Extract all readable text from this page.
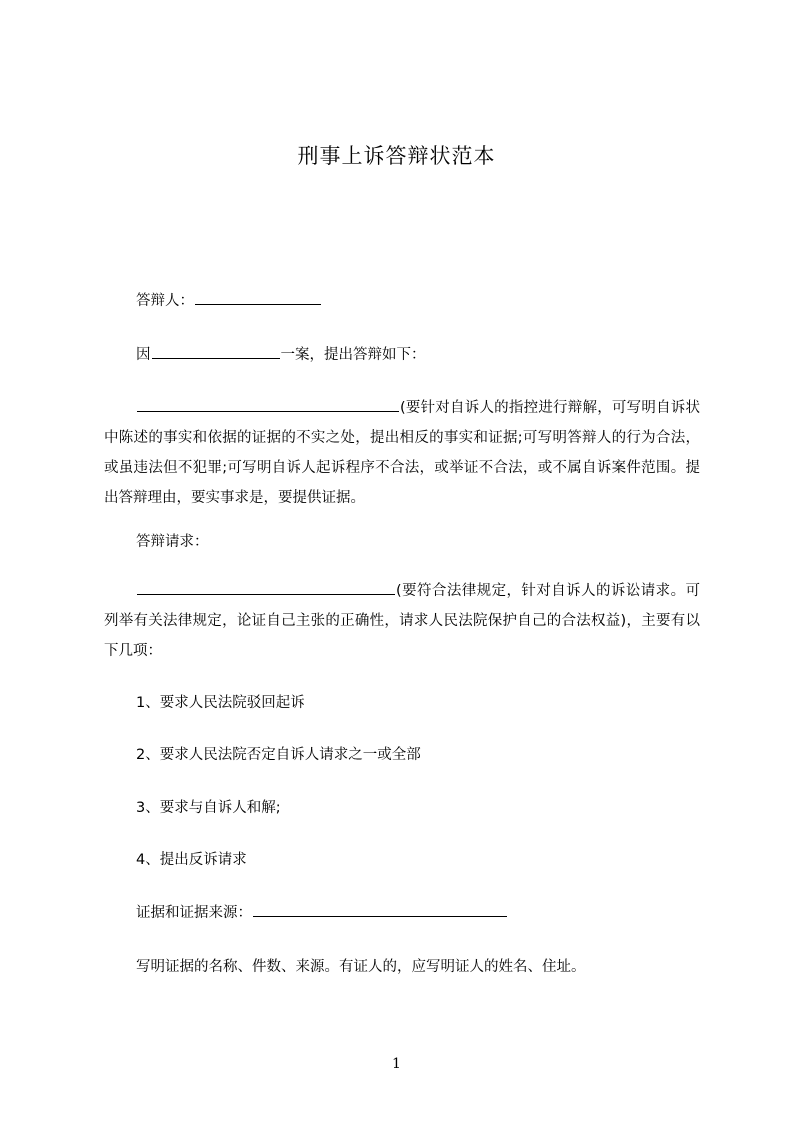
刑事上诉答辩状范本

答辩人：

因	一案，提出答辩如下：

(要针对自诉人的指控进行辩解，可写明自诉状中陈述的事实和依据的证据的不实之处，提出相反的事实和证据;可写明答辩人的行为合法，或虽违法但不犯罪;可写明自诉人起诉程序不合法，或举证不合法，或不属自诉案件范围。提出答辩理由，要实事求是，要提供证据。

答辩请求：

(要符合法律规定，针对自诉人的诉讼请求。可列举有关法律规定，论证自己主张的正确性，请求人民法院保护自己的合法权益)，主要有以下几项：

1、要求人民法院驳回起诉

2、要求人民法院否定自诉人请求之一或全部

3、要求与自诉人和解;

4、提出反诉请求

证据和证据来源：

写明证据的名称、件数、来源。有证人的，应写明证人的姓名、住址。

1
